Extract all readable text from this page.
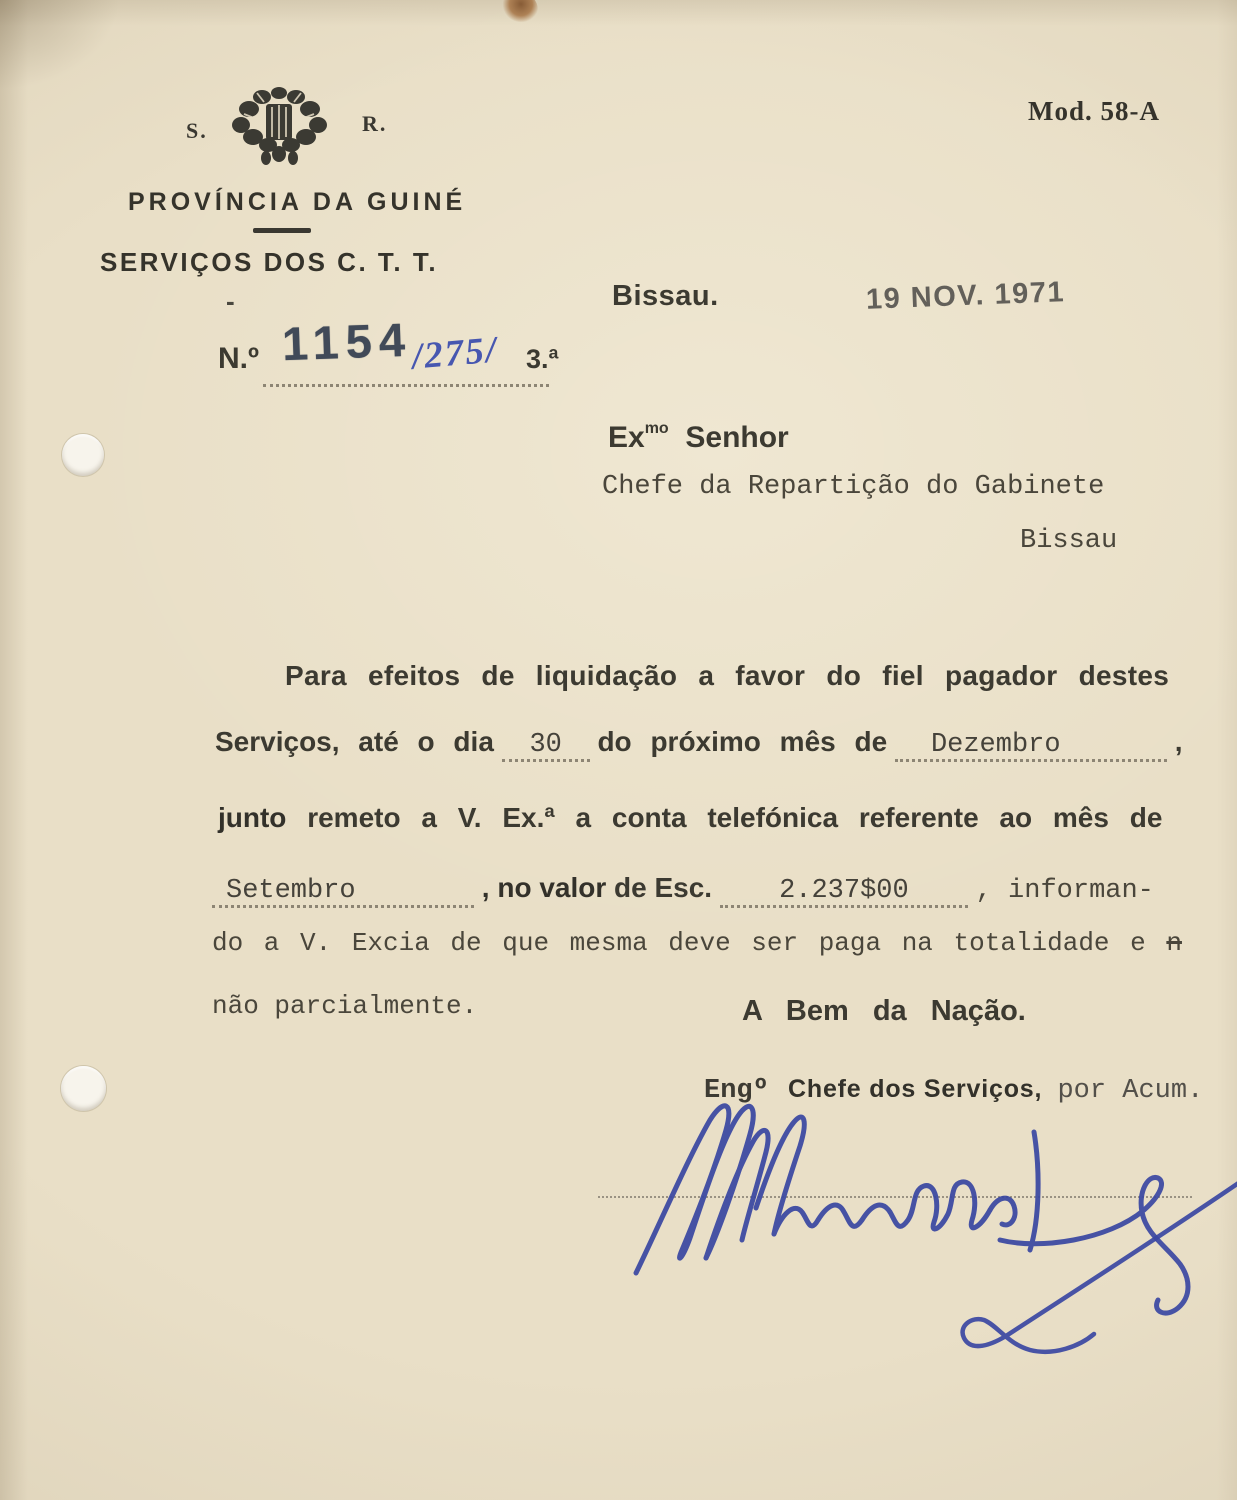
Mod. 58-A
S.	R.
PROVÍNCIA DA GUINÉ
SERVIÇOS DOS C. T. T.
-	Bissau.	19 NOV. 1971
N.º 1154
/275/ 3.ª
$Ex^{mo}$ Senhor
Chefe da Repartição do Gabinete
Bissau
Para efeitos de liquidação a favor do fiel pagador destes
Serviços, até o dia 30 do próximo mês de Dezembro	,
junto remeto a V. Ex.ª a conta telefónica referente ao mês de
Setembro	, no valor de Esc. 2.237$00 , informan-
do a V. Excia de que mesma deve ser paga na totalidade e n
não parcialmente.	A Bem da Nação.
Engº Chefe dos Serviços, por Acum.
